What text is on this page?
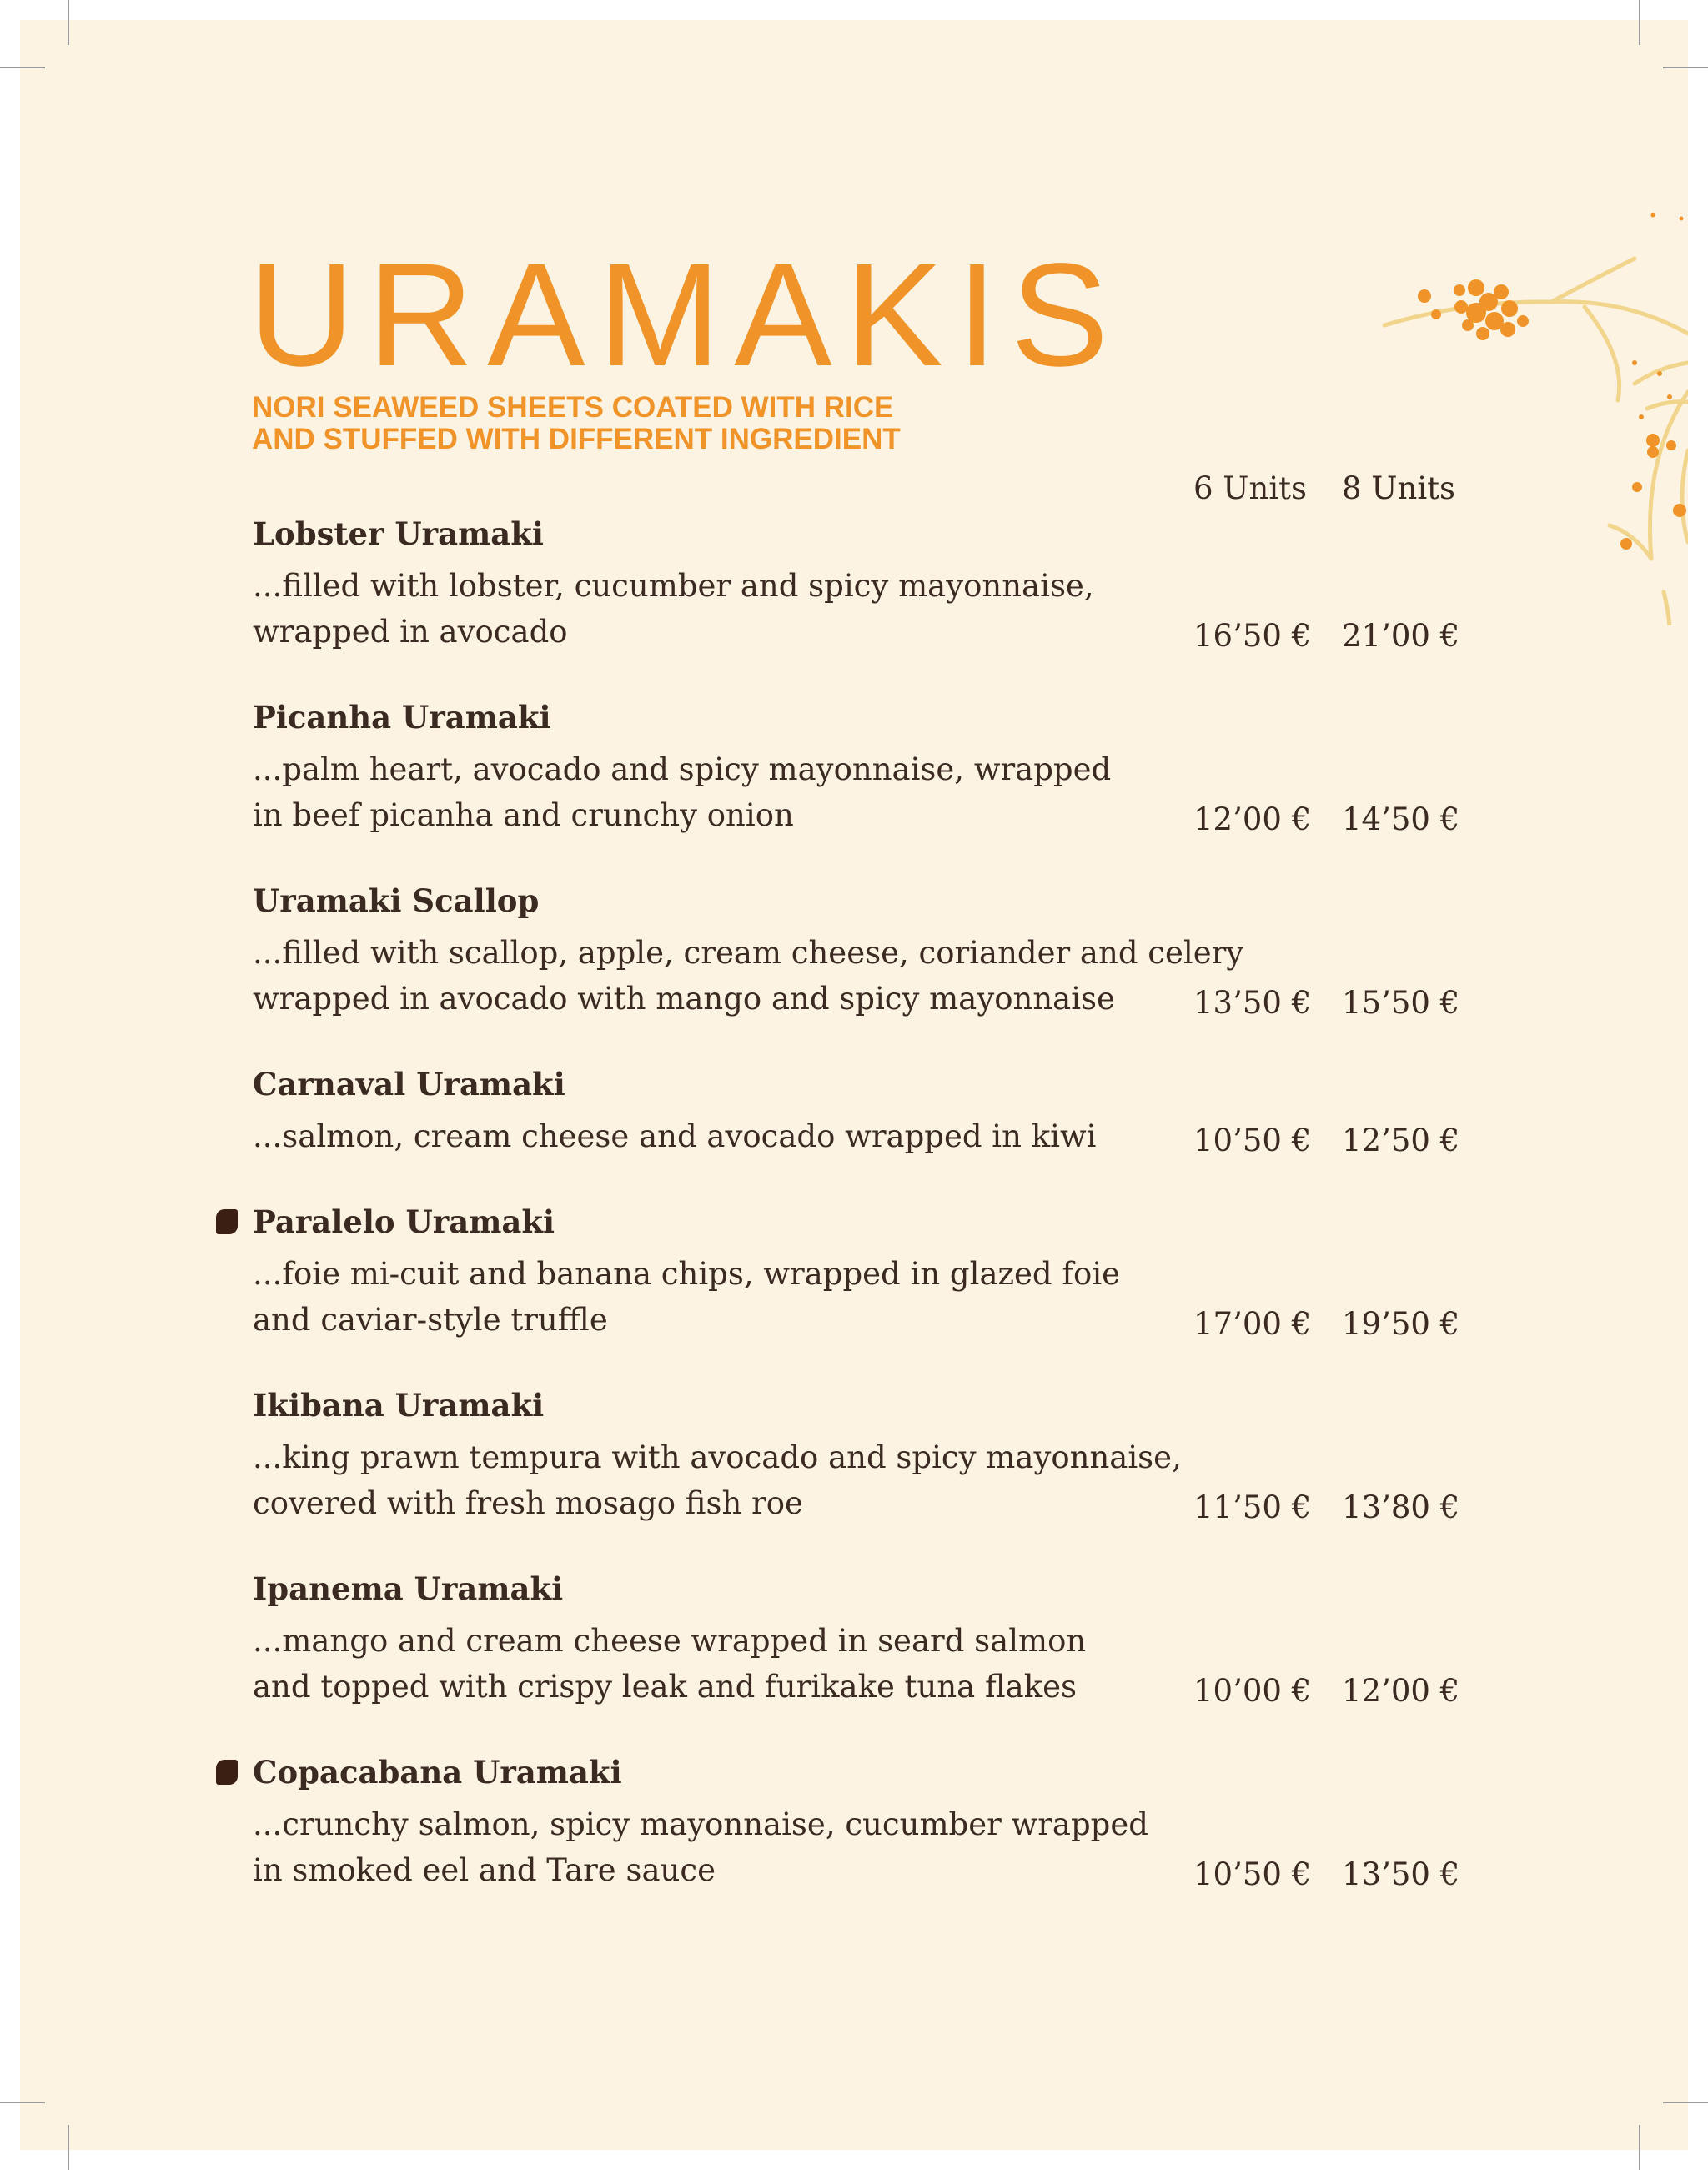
URAMAKIS
NORI SEAWEED SHEETS COATED WITH RICE
AND STUFFED WITH DIFFERENT INGREDIENT
6 Units 8 Units
Lobster Uramaki
...filled with lobster, cucumber and spicy mayonnaise,
wrapped in avocado	16’50 € 21’00 €
Picanha Uramaki
...palm heart, avocado and spicy mayonnaise, wrapped
in beef picanha and crunchy onion	12’00 € 14’50 €
Uramaki Scallop
...filled with scallop, apple, cream cheese, coriander and celery
wrapped in avocado with mango and spicy mayonnaise	13’50 € 15’50 €
Carnaval Uramaki
...salmon, cream cheese and avocado wrapped in kiwi	10’50 € 12’50 €
Paralelo Uramaki
...foie mi-cuit and banana chips, wrapped in glazed foie
and caviar-style truffle	17’00 € 19’50 €
Ikibana Uramaki
...king prawn tempura with avocado and spicy mayonnaise,
covered with fresh mosago fish roe	11’50 € 13’80 €
Ipanema Uramaki
...mango and cream cheese wrapped in seard salmon
and topped with crispy leak and furikake tuna flakes	10’00 € 12’00 €
Copacabana Uramaki
...crunchy salmon, spicy mayonnaise, cucumber wrapped
in smoked eel and Tare sauce	10’50 € 13’50 €
